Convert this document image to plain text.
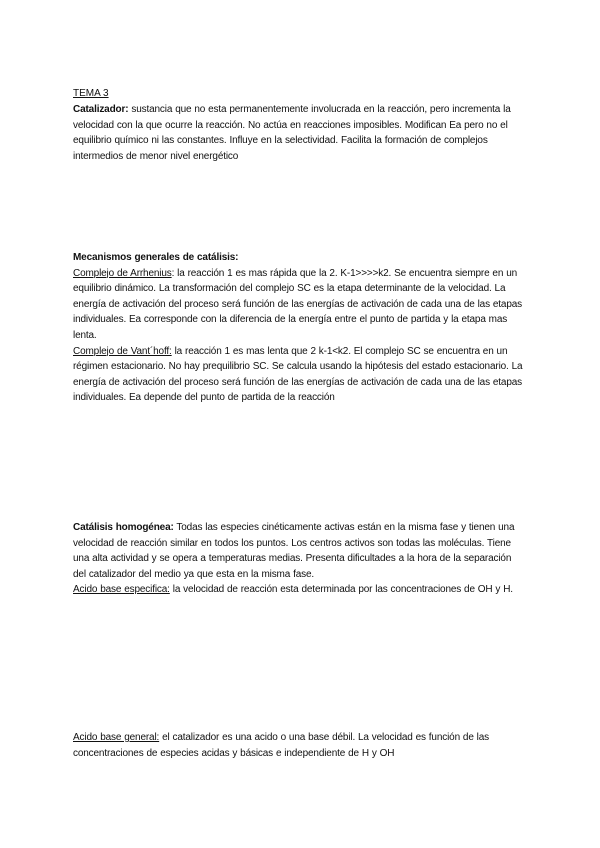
TEMA 3
Catalizador: sustancia que no esta permanentemente involucrada en la reacción, pero incrementa la velocidad con la que ocurre la reacción. No actúa en reacciones imposibles. Modifican Ea pero no el equilibrio químico ni las constantes. Influye en la selectividad. Facilita la formación de complejos intermedios de menor nivel energético
Mecanismos generales de catálisis:
Complejo de Arrhenius: la reacción 1 es mas rápida que la 2. K-1>>>>k2. Se encuentra siempre en un equilibrio dinámico. La transformación del complejo SC es la etapa determinante de la velocidad. La energía de activación del proceso será función de las energías de activación de cada una de las etapas individuales. Ea corresponde con la diferencia de la energía entre el punto de partida y la etapa mas lenta.
Complejo de Vant´hoff: la reacción 1 es mas lenta que 2 k-1<k2. El complejo SC se encuentra en un régimen estacionario. No hay prequilibrio SC. Se calcula usando la hipótesis del estado estacionario. La energía de activación del proceso será función de las energías de activación de cada una de las etapas individuales. Ea depende del punto de partida de la reacción
Catálisis homogénea: Todas las especies cinéticamente activas están en la misma fase y tienen una velocidad de reacción similar en todos los puntos. Los centros activos son todas las moléculas. Tiene una alta actividad y se opera a temperaturas medias. Presenta dificultades a la hora de la separación del catalizador del medio ya que esta en la misma fase.
Acido base especifica: la velocidad de reacción esta determinada por las concentraciones de OH y H.
Acido base general: el catalizador es una acido o una base débil. La velocidad es función de las concentraciones de especies acidas y básicas e independiente de H y OH
